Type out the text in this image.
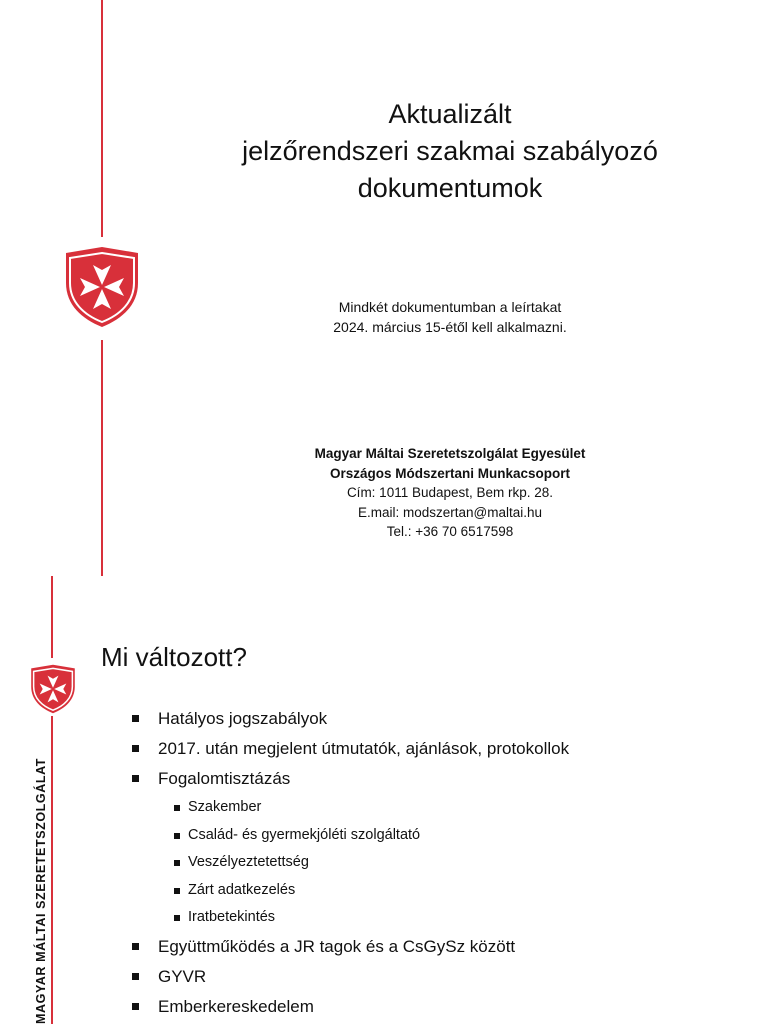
Aktualizált
jelzőrendszeri szakmai szabályozó
dokumentumok
Mindkét dokumentumban a leírtakat
2024. március 15-étől kell alkalmazni.
Magyar Máltai Szeretetszolgálat Egyesület
Országos Módszertani Munkacsoport
Cím: 1011 Budapest, Bem rkp. 28.
E.mail: modszertan@maltai.hu
Tel.: +36 70 6517598
MAGYAR MÁLTAI SZERETETSZOLGÁLAT
Mi változott?
Hatályos jogszabályok
2017. után megjelent útmutatók, ajánlások, protokollok
Fogalomtisztázás
Szakember
Család- és gyermekjóléti szolgáltató
Veszélyeztetettség
Zárt adatkezelés
Iratbetekintés
Együttműködés a JR tagok és a CsGySz között
GYVR
Emberkereskedelem
